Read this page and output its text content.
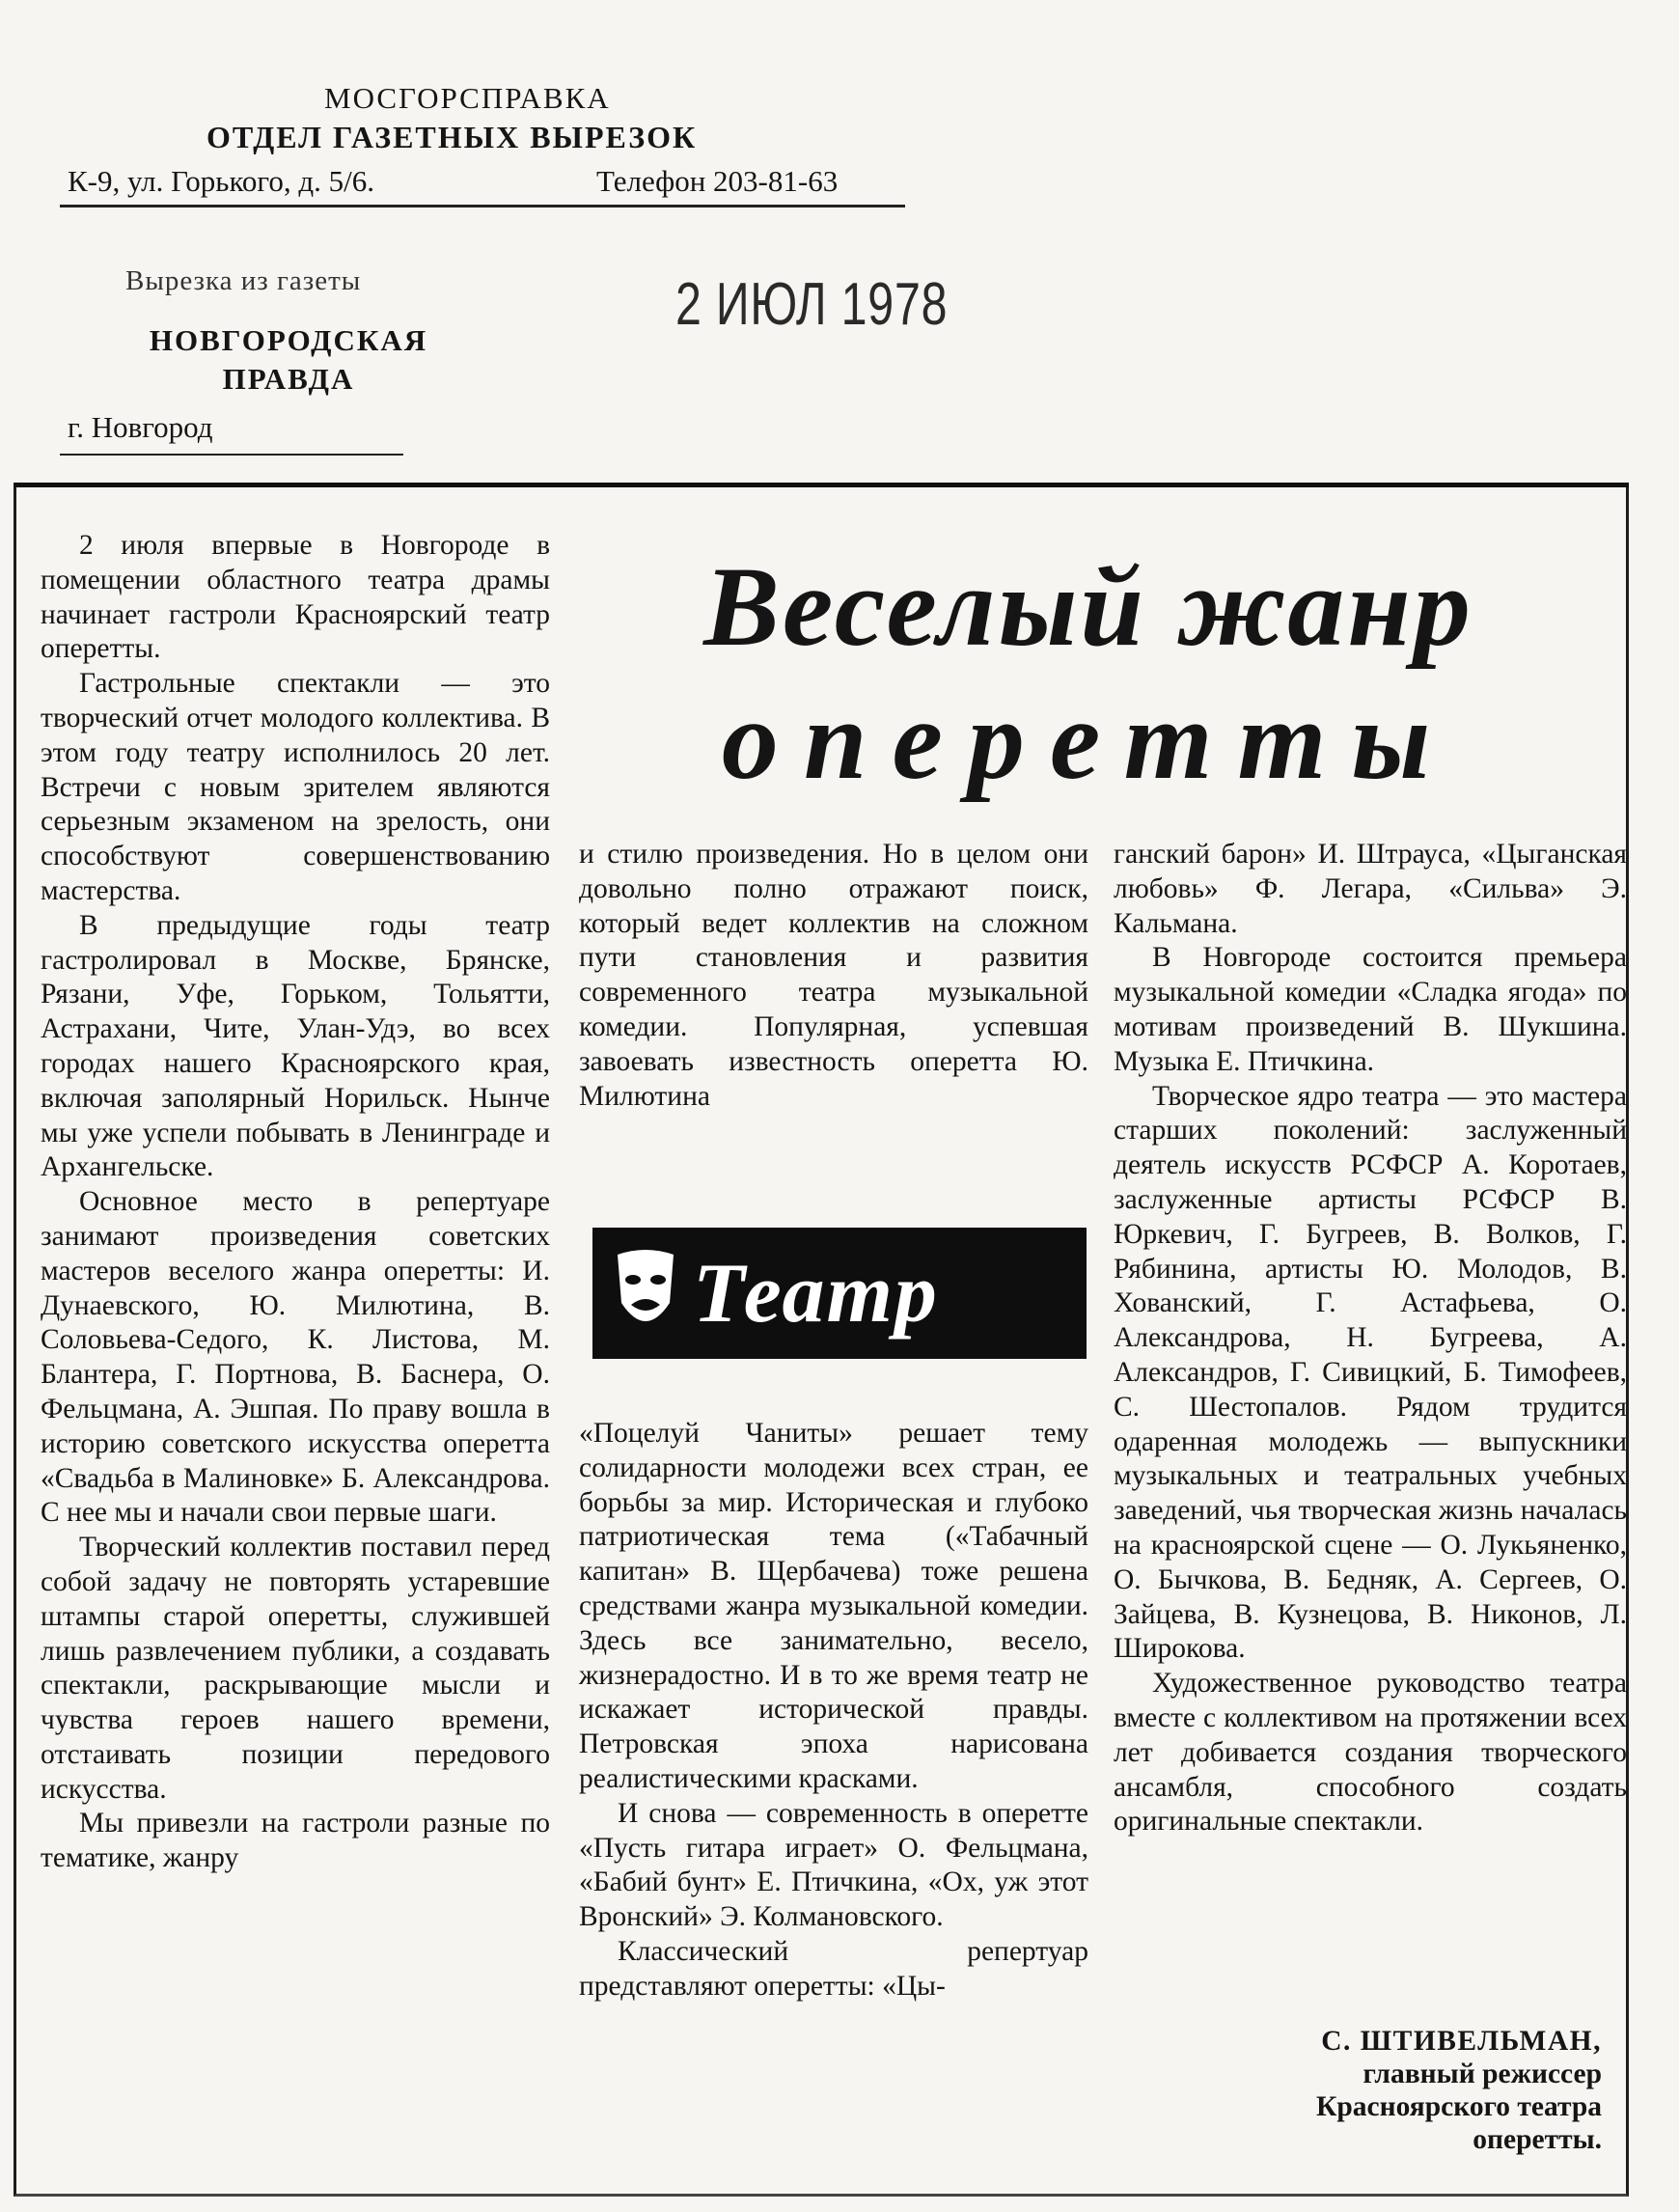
МОСГОРСПРАВКА
ОТДЕЛ ГАЗЕТНЫХ ВЫРЕЗОК
К-9, ул. Горького, д. 5/6.	Телефон 203-81-63
Вырезка из газеты
НОВГОРОДСКАЯ
ПРАВДА
г. Новгород
2 ИЮЛ 1978
Веселый жанр
оперетты

2 июля впервые в Новгороде в помещении областного театра драмы начинает гастроли Красноярский театр оперетты.

Гастрольные спектакли — это творческий отчет молодого коллектива. В этом году театру исполнилось 20 лет. Встречи с новым зрителем являются серьезным экзаменом на зрелость, они способствуют совершенствованию мастерства.

В предыдущие годы театр гастролировал в Москве, Брянске, Рязани, Уфе, Горьком, Тольятти, Астрахани, Чите, Улан-Удэ, во всех городах нашего Красноярского края, включая заполярный Норильск. Нынче мы уже успели побывать в Ленинграде и Архангельске.

Основное место в репертуаре занимают произведения советских мастеров веселого жанра оперетты: И. Дунаевского, Ю. Милютина, В. Соловьева-Седого, К. Листова, М. Блантера, Г. Портнова, В. Баснера, О. Фельцмана, А. Эшпая. По праву вошла в историю советского искусства оперетта «Свадьба в Малиновке» Б. Александрова. С нее мы и начали свои первые шаги.

Творческий коллектив поставил перед собой задачу не повторять устаревшие штампы старой оперетты, служившей лишь развлечением публики, а создавать спектакли, раскрывающие мысли и чувства героев нашего времени, отстаивать позиции передового искусства.

Мы привезли на гастроли разные по тематике, жанру

и стилю произведения. Но в целом они довольно полно отражают поиск, который ведет коллектив на сложном пути становления и развития современного театра музыкальной комедии. Популярная, успевшая завоевать известность оперетта Ю. Милютина

Театр

«Поцелуй Чаниты» решает тему солидарности молодежи всех стран, ее борьбы за мир. Историческая и глубоко патриотическая тема («Табачный капитан» В. Щербачева) тоже решена средствами жанра музыкальной комедии. Здесь все занимательно, весело, жизнерадостно. И в то же время театр не искажает исторической правды. Петровская эпоха нарисована реалистическими красками.

И снова — современность в оперетте «Пусть гитара играет» О. Фельцмана, «Бабий бунт» Е. Птичкина, «Ох, уж этот Вронский» Э. Колмановского.

Классический репертуар представляют оперетты: «Цы-

ганский барон» И. Штрауса, «Цыганская любовь» Ф. Легара, «Сильва» Э. Кальмана.

В Новгороде состоится премьера музыкальной комедии «Сладка ягода» по мотивам произведений В. Шукшина. Музыка Е. Птичкина.

Творческое ядро театра — это мастера старших поколений: заслуженный деятель искусств РСФСР А. Коротаев, заслуженные артисты РСФСР В. Юркевич, Г. Бугреев, В. Волков, Г. Рябинина, артисты Ю. Молодов, В. Хованский, Г. Астафьева, О. Александрова, Н. Бугреева, А. Александров, Г. Сивицкий, Б. Тимофеев, С. Шестопалов. Рядом трудится одаренная молодежь — выпускники музыкальных и театральных учебных заведений, чья творческая жизнь началась на красноярской сцене — О. Лукьяненко, О. Бычкова, В. Бедняк, А. Сергеев, О. Зайцева, В. Кузнецова, В. Никонов, Л. Широкова.

Художественное руководство театра вместе с коллективом на протяжении всех лет добивается создания творческого ансамбля, способного создать оригинальные спектакли.

С. ШТИВЕЛЬМАН,
главный режиссер
Красноярского театра
оперетты.
